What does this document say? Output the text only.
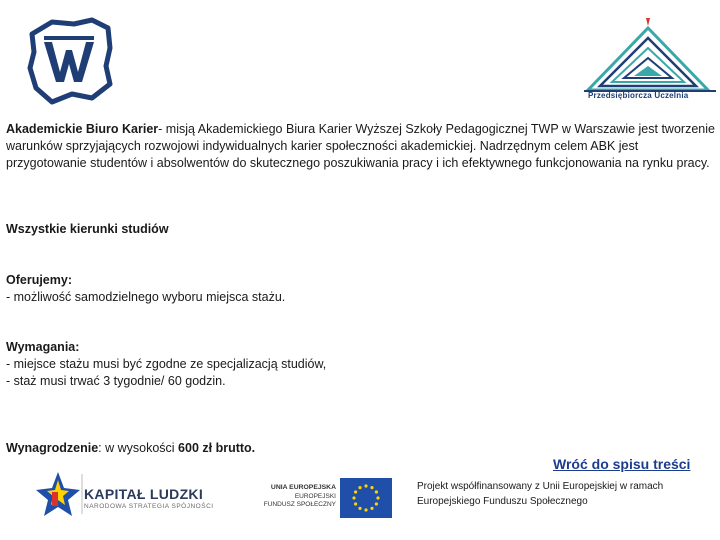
Przedsiębiorcza Uczelnia
Akademickie Biuro Karier- misją Akademickiego Biura Karier Wyższej Szkoły Pedagogicznej TWP w Warszawie jest tworzenie warunków sprzyjających rozwojowi indywidualnych karier społeczności akademickiej. Nadrzędnym celem ABK jest przygotowanie studentów i absolwentów do skutecznego poszukiwania pracy i ich efektywnego funkcjonowania na rynku pracy.
Wszystkie kierunki studiów
Oferujemy:
- możliwość samodzielnego wyboru miejsca stażu.
Wymagania:
- miejsce stażu musi być zgodne ze specjalizacją studiów,
- staż musi trwać 3 tygodnie/ 60 godzin.
Wynagrodzenie: w wysokości 600 zł brutto.
Wróć do spisu treści
KAPITAŁ LUDZKI
NARODOWA STRATEGIA SPÓJNOŚCI
UNIA EUROPEJSKA
EUROPEJSKI
FUNDUSZ SPOŁECZNY
Projekt współfinansowany z Unii Europejskiej w ramach Europejskiego Funduszu Społecznego
